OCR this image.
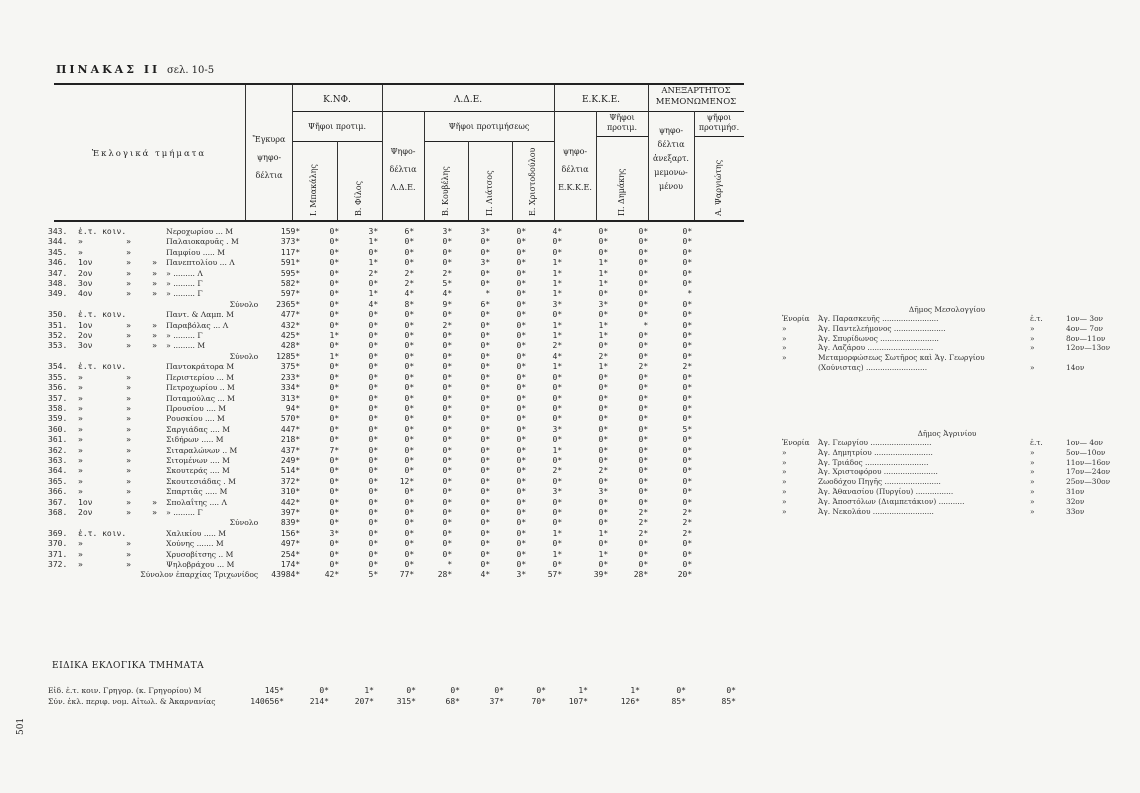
ΠΙΝΑΚΑΣ ΙΙ σελ. 10-5
Ἐκλογικά τμήματα
Ἔγκυρα
ψηφο-
δέλτια
Κ.ΝΦ.
Ψῆφοι προτιμ.
Ι. Μπακάλης	Β. Φίλος
Λ.Δ.Ε.
Ψῆφοι προτιμήσεως
Ψηφο-
δέλτια
Λ.Δ.Ε.	Β. Κουβέλης	Π. Λιάτσος	Ε. Χριστοδούλου
Ε.Κ.Κ.Ε.
ψηφο-
δέλτια
Ε.Κ.Κ.Ε.
Ψῆφοι
προτιμ.
Π. Δημάκης
ΑΝΕΞΑΡΤΗΤΟΣ
ΜΕΜΟΝΩΜΕΝΟΣ
ψηφο-
δέλτια
ἀνεξαρτ.
μεμονω-
μένου
ψῆφοι
προτιμήσ.
Α. Ψαργιώτης
343.	ἐ.τ. κοιν.			Νεροχωρίου ... Μ	159*	0*	3*	6*	3*	3*	0*	4*	0*	0*	0*
344.	»	»		Παλαιοκαρυᾶς . Μ	373*	0*	1*	0*	0*	0*	0*	0*	0*	0*	0*
345.	»	»		Παμφίου ..... Μ	117*	0*	0*	0*	0*	0*	0*	0*	0*	0*	0*
346.	1ον	»	»	Πανεπτολίου ... Λ	591*	0*	1*	0*	0*	3*	0*	1*	1*	0*	0*
347.	2ον	»	»	» ......... Λ	595*	0*	2*	2*	2*	0*	0*	1*	1*	0*	0*
348.	3ον	»	»	» ......... Γ	582*	0*	0*	2*	5*	0*	0*	1*	1*	0*	0*
349.	4ον	»	»	» ......... Γ	597*	0*	1*	4*	4*	*	0*	1*	0*	0*	*
Σύνολο					2365*	0*	4*	8*	9*	6*	0*	3*	3*	0*	0*
350.	ἐ.τ. κοιν.			Παντ. & Λαμπ. Μ	477*	0*	0*	0*	0*	0*	0*	0*	0*	0*	0*
351.	1ον	»	»	Παραβόλας ... Λ	432*	0*	0*	0*	2*	0*	0*	1*	1*	*	0*
352.	2ον	»	»	» ......... Γ	425*	1*	0*	0*	0*	0*	0*	1*	1*	0*	0*
353.	3ον	»	»	» ......... Μ	428*	0*	0*	0*	0*	0*	0*	2*	0*	0*	0*
Σύνολο					1285*	1*	0*	0*	0*	0*	0*	4*	2*	0*	0*
354.	ἐ.τ. κοιν.			Παντοκράτορα Μ	375*	0*	0*	0*	0*	0*	0*	1*	1*	2*	2*
355.	»	»		Περιστερίου ... Μ	233*	0*	0*	0*	0*	0*	0*	0*	0*	0*	0*
356.	»	»		Πετροχωρίου .. Μ	334*	0*	0*	0*	0*	0*	0*	0*	0*	0*	0*
357.	»	»		Ποταμούλας ... Μ	313*	0*	0*	0*	0*	0*	0*	0*	0*	0*	0*
358.	»	»		Προυσίου .... Μ	94*	0*	0*	0*	0*	0*	0*	0*	0*	0*	0*
359.	»	»		Ρουσκίου .... Μ	570*	0*	0*	0*	0*	0*	0*	0*	0*	0*	0*
360.	»	»		Σαργιάδας .... Μ	447*	0*	0*	0*	0*	0*	0*	3*	0*	0*	5*
361.	»	»		Σιδήρων ..... Μ	218*	0*	0*	0*	0*	0*	0*	0*	0*	0*	0*
362.	»	»		Σιταραλώνων .. Μ	437*	7*	0*	0*	0*	0*	0*	1*	0*	0*	0*
363.	»	»		Σιτομένων .... Μ	249*	0*	0*	0*	0*	0*	0*	0*	0*	0*	0*
364.	»	»		Σκουτεράς .... Μ	514*	0*	0*	0*	0*	0*	0*	2*	2*	0*	0*
365.	»	»		Σκουτεσιάδας . Μ	372*	0*	0*	12*	0*	0*	0*	0*	0*	0*	0*
366.	»	»		Σπαρτιᾶς ..... Μ	310*	0*	0*	0*	0*	0*	0*	3*	3*	0*	0*
367.	1ον	»	»	Σπολαΐτης .... Λ	442*	0*	0*	0*	0*	0*	0*	0*	0*	0*	0*
368.	2ον	»	»	» ......... Γ	397*	0*	0*	0*	0*	0*	0*	0*	0*	2*	2*
Σύνολο					839*	0*	0*	0*	0*	0*	0*	0*	0*	2*	2*
369.	ἐ.τ. κοιν.			Χαλικίου ..... Μ	156*	3*	0*	0*	0*	0*	0*	1*	1*	2*	2*
370.	»	»		Χούνης ....... Μ	497*	0*	0*	0*	0*	0*	0*	0*	0*	0*	0*
371.	»	»		Χρυσοβίτσης .. Μ	254*	0*	0*	0*	0*	0*	0*	1*	1*	0*	0*
372.	»	»		Ψηλοβράχου ... Μ	174*	0*	0*	0*	*	0*	0*	0*	0*	0*	0*
Σύνολον ἐπαρχίας Τριχωνίδος					43984*	42*	5*	77*	28*	4*	3*	57*	39*	28*	20*
ΕΙΔΙΚΑ ΕΚΛΟΓΙΚΑ ΤΜΗΜΑΤΑ
Εἰδ. ἐ.τ. κοιν. Γρηγορ. (κ. Γρηγορίου) Μ	145*	0*	1*	0*	0*	0*	0*	1*	1*	0*	0*
Σύν. ἐκλ. περιφ. νομ. Αἰτωλ. & Ἀκαρνανίας	140656*	214*	207*	315*	68*	37*	70*	107*	126*	85*	85*
Δῆμος Μεσολογγίου
Ἐνορία Ἁγ. Παρασκευῆς ........................	ἐ.τ.	1ον— 3ον
»	Ἁγ. Παντελεήμονος ......................	»	4ον— 7ον
»	Ἁγ. Σπυρίδωνος .........................	»	8ον—11ον
»	Ἁγ. Λαζάρου ............................	»	12ον—13ον
»	Μεταμορφώσεως Σωτῆρος καὶ Ἁγ. Γεωργίου
(Χούνιστας) ..........................	»	14ον
Δῆμος Ἀγρινίου
Ἐνορία Ἁγ. Γεωργίου ..........................	ἐ.τ.	1ον— 4ον
»	Ἁγ. Δημητρίου .........................	»	5ον—10ον
»	Ἁγ. Τριάδος ...........................	»	11ον—16ον
»	Ἁγ. Χριστοφόρου .......................	»	17ον—24ον
»	Ζωοδόχου Πηγῆς ........................	»	25ον—30ον
»	Ἁγ. Ἀθανασίου (Πυργίου) ................	»	31ον
»	Ἁγ. Ἀποστόλων (Διαμπετάκιον) ...........	»	32ον
»	Ἁγ. Νεκολάου ..........................	»	33ον
501
